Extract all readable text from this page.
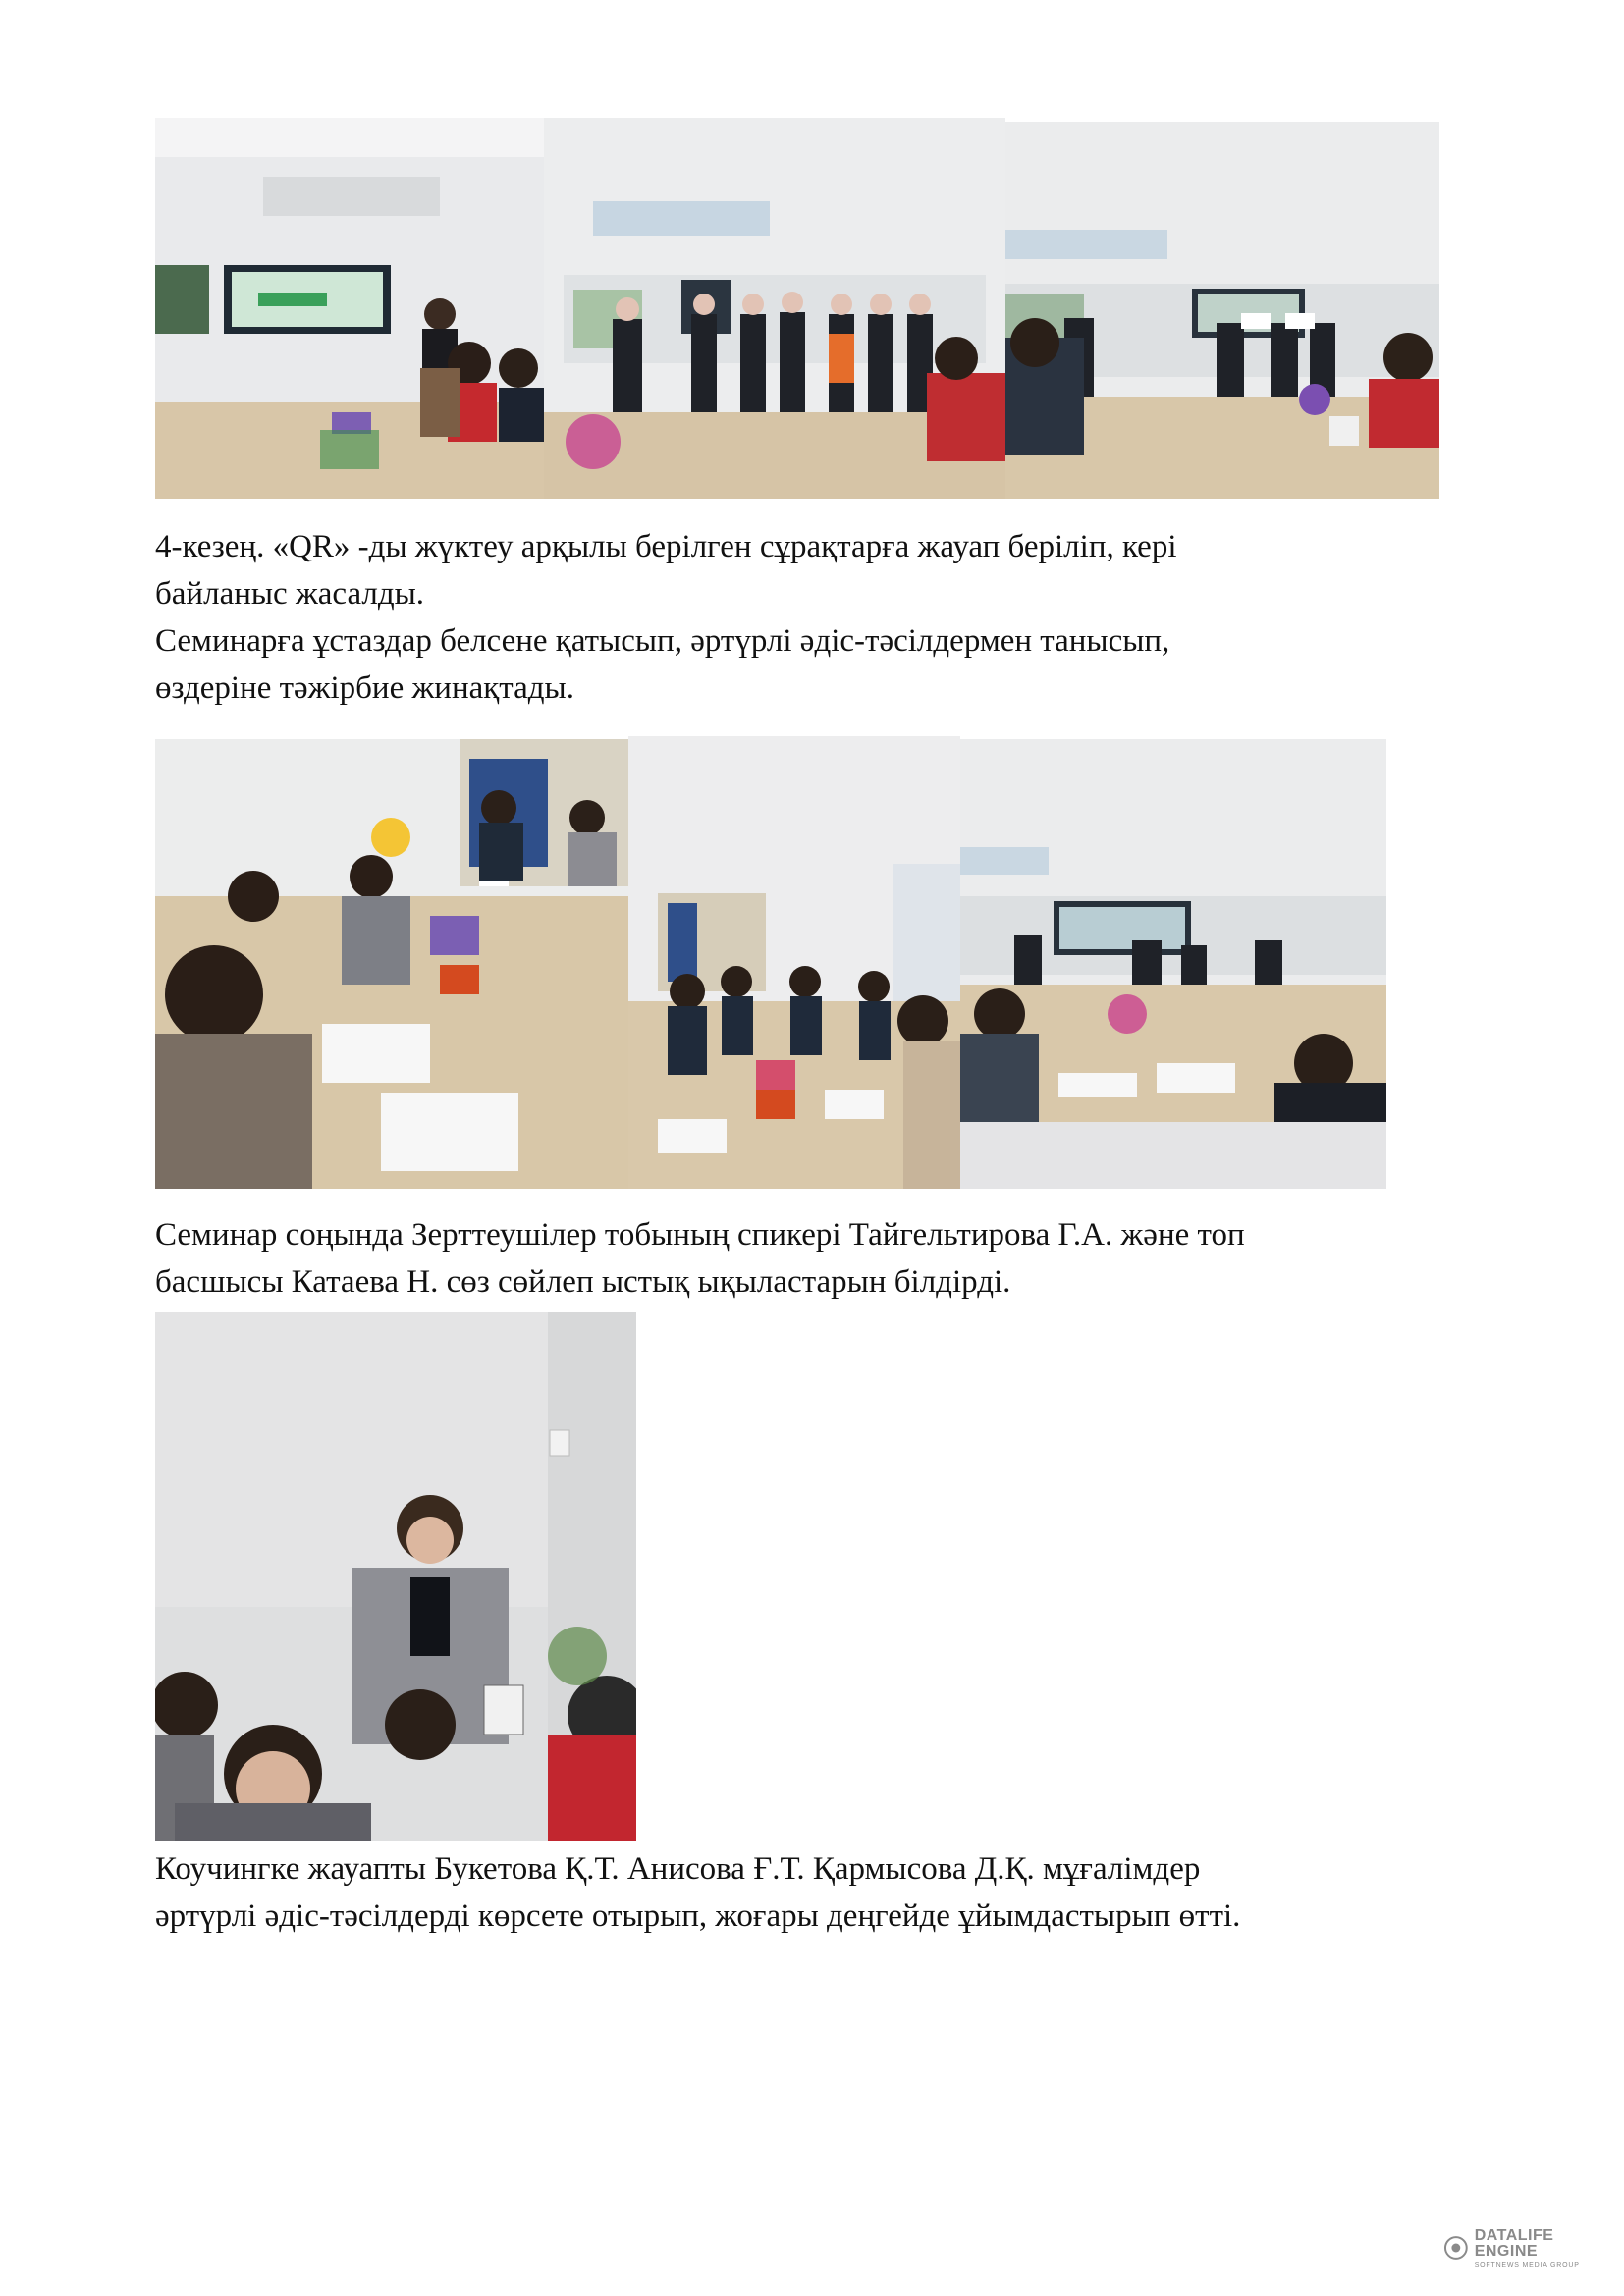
4-кезең. «QR» -ды жүктеу арқылы берілген сұрақтарға жауап беріліп, кері
байланыс жасалды.
Семинарға ұстаздар белсене қатысып, әртүрлі әдіс-тәсілдермен танысып,
өздеріне тәжірбие жинақтады.

Семинар соңында Зерттеушілер тобының спикері Тайгельтирова Г.А. және топ
басшысы Катаева Н. сөз сөйлеп ыстық ықыластарын білдірді.

Коучингке жауапты Букетова Қ.Т. Анисова Ғ.Т. Қармысова Д.Қ. мұғалімдер
әртүрлі әдіс-тәсілдерді көрсете отырып, жоғары деңгейде ұйымдастырып өтті.

DATALIFE ENGINE
SOFTNEWS MEDIA GROUP
